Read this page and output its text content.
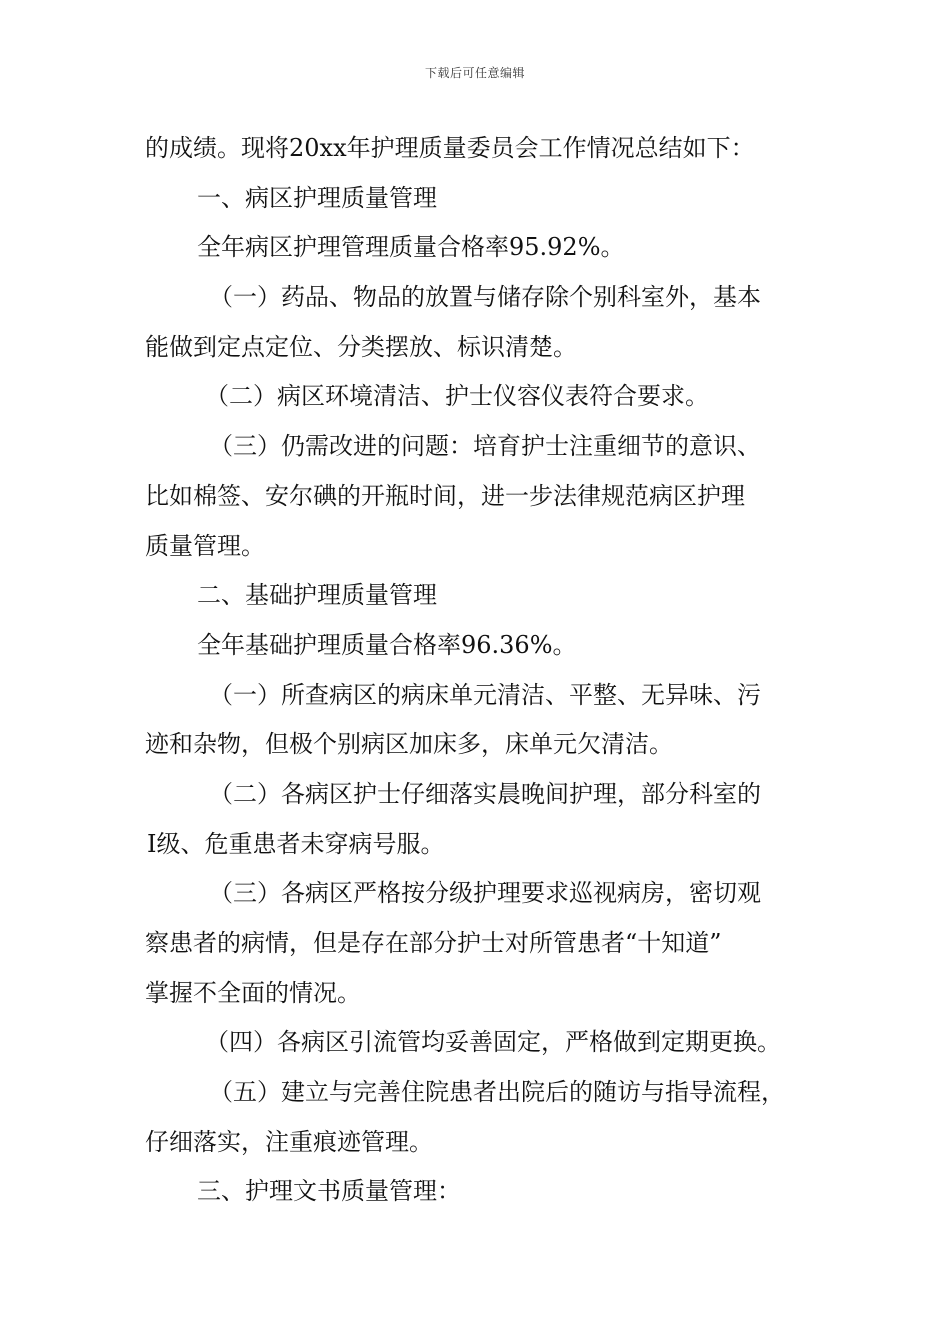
下载后可任意编辑
的成绩。现将20xx年护理质量委员会工作情况总结如下：
一、病区护理质量管理
全年病区护理管理质量合格率95.92%。
（一）药品、物品的放置与储存除个别科室外，基本
能做到定点定位、分类摆放、标识清楚。
（二）病区环境清洁、护士仪容仪表符合要求。
（三）仍需改进的问题：培育护士注重细节的意识、
比如棉签、安尔碘的开瓶时间，进一步法律规范病区护理
质量管理。
二、基础护理质量管理
全年基础护理质量合格率96.36%。
（一）所查病区的病床单元清洁、平整、无异味、污
迹和杂物，但极个别病区加床多，床单元欠清洁。
（二）各病区护士仔细落实晨晚间护理，部分科室的
Ⅰ级、危重患者未穿病号服。
（三）各病区严格按分级护理要求巡视病房，密切观
察患者的病情，但是存在部分护士对所管患者“十知道”
掌握不全面的情况。
（四）各病区引流管均妥善固定，严格做到定期更换。
（五）建立与完善住院患者出院后的随访与指导流程，
仔细落实，注重痕迹管理。
三、护理文书质量管理：
